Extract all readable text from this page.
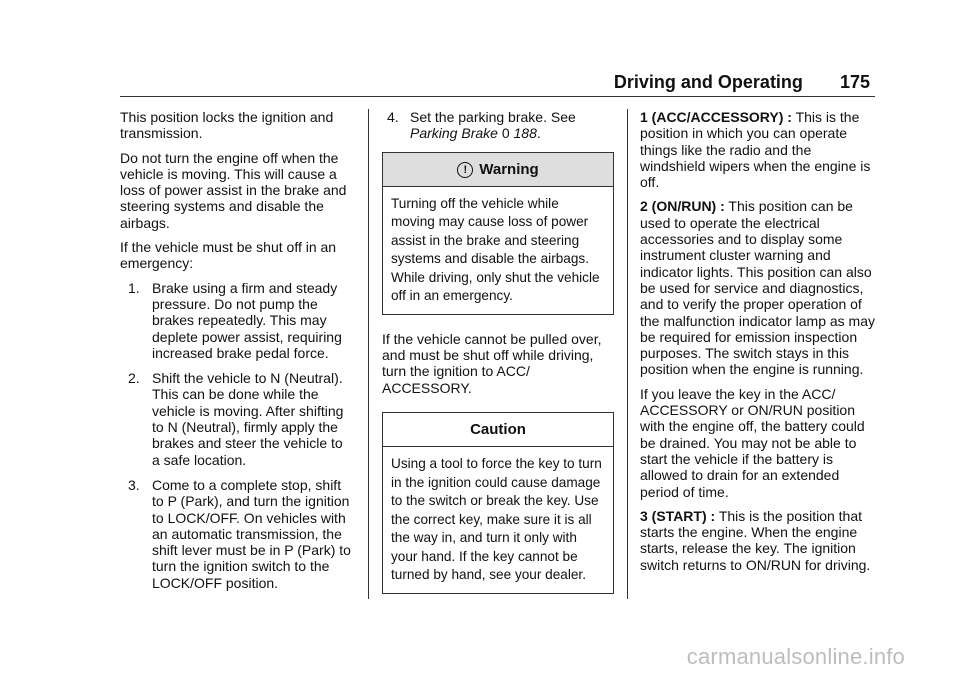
Driving and Operating 175

This position locks the ignition and transmission.

Do not turn the engine off when the vehicle is moving. This will cause a loss of power assist in the brake and steering systems and disable the airbags.

If the vehicle must be shut off in an emergency:

1. Brake using a firm and steady pressure. Do not pump the brakes repeatedly. This may deplete power assist, requiring increased brake pedal force.
2. Shift the vehicle to N (Neutral). This can be done while the vehicle is moving. After shifting to N (Neutral), firmly apply the brakes and steer the vehicle to a safe location.
3. Come to a complete stop, shift to P (Park), and turn the ignition to LOCK/OFF. On vehicles with an automatic transmission, the shift lever must be in P (Park) to turn the ignition switch to the LOCK/OFF position.
4. Set the parking brake. See
Parking Brake 0 188.
! Warning
Turning off the vehicle while moving may cause loss of power assist in the brake and steering systems and disable the airbags. While driving, only shut the vehicle off in an emergency.

If the vehicle cannot be pulled over, and must be shut off while driving, turn the ignition to ACC/ ACCESSORY.

Caution
Using a tool to force the key to turn in the ignition could cause damage to the switch or break the key. Use the correct key, make sure it is all the way in, and turn it only with your hand. If the key cannot be turned by hand, see your dealer.

1 (ACC/ACCESSORY) : This is the position in which you can operate things like the radio and the windshield wipers when the engine is off.

2 (ON/RUN) : This position can be used to operate the electrical accessories and to display some instrument cluster warning and indicator lights. This position can also be used for service and diagnostics, and to verify the proper operation of the malfunction indicator lamp as may be required for emission inspection purposes. The switch stays in this position when the engine is running.

If you leave the key in the ACC/ ACCESSORY or ON/RUN position with the engine off, the battery could be drained. You may not be able to start the vehicle if the battery is allowed to drain for an extended period of time.

3 (START) : This is the position that starts the engine. When the engine starts, release the key. The ignition switch returns to ON/RUN for driving.

carmanualsonline.info
